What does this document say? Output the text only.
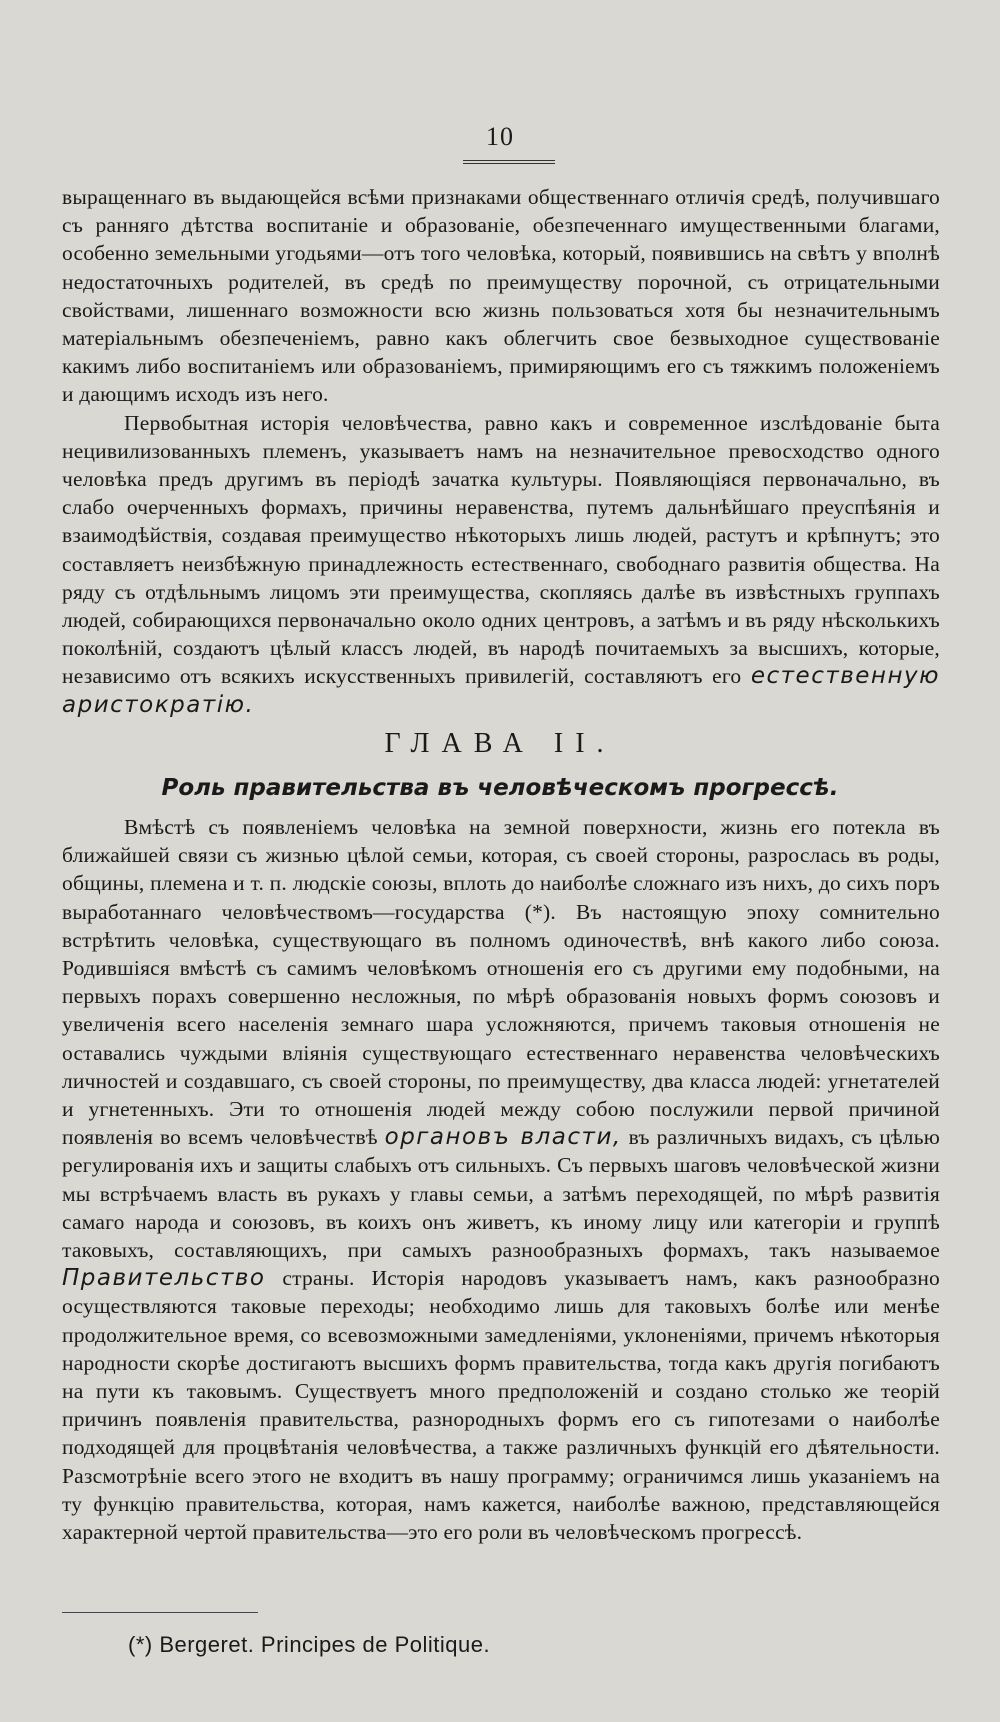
10

выращеннаго въ выдающейся всѣми признаками общественнаго отличія средѣ, получившаго съ ранняго дѣтства воспитаніе и образованіе, обезпеченнаго имущественными благами, особенно земельными угодьями—отъ того человѣка, который, появившись на свѣтъ у вполнѣ недостаточныхъ родителей, въ средѣ по преимуществу порочной, съ отрицательными свойствами, лишеннаго возможности всю жизнь пользоваться хотя бы незначительнымъ матеріальнымъ обезпеченіемъ, равно какъ облегчить свое безвыходное существованіе какимъ либо воспитаніемъ или образованіемъ, примиряющимъ его съ тяжкимъ положеніемъ и дающимъ исходъ изъ него.

Первобытная исторія человѣчества, равно какъ и современное изслѣдованіе быта нецивилизованныхъ племенъ, указываетъ намъ на незначительное превосходство одного человѣка предъ другимъ въ періодѣ зачатка культуры. Появляющіяся первоначально, въ слабо очерченныхъ формахъ, причины неравенства, путемъ дальнѣйшаго преуспѣянія и взаимодѣйствія, создавая преимущество нѣкоторыхъ лишь людей, растутъ и крѣпнутъ; это составляетъ неизбѣжную принадлежность естественнаго, свободнаго развитія общества. На ряду съ отдѣльнымъ лицомъ эти преимущества, скопляясь далѣе въ извѣстныхъ группахъ людей, собирающихся первоначально около одних центровъ, а затѣмъ и въ ряду нѣсколькихъ поколѣній, создаютъ цѣлый классъ людей, въ народѣ почитаемыхъ за высшихъ, которые, независимо отъ всякихъ искусственныхъ привилегій, составляютъ его естественную аристократію.

ГЛАВА II.
Роль правительства въ человѣческомъ прогрессѣ.

Вмѣстѣ съ появленіемъ человѣка на земной поверхности, жизнь его потекла въ ближайшей связи съ жизнью цѣлой семьи, которая, съ своей стороны, разрослась въ роды, общины, племена и т. п. людскіе союзы, вплоть до наиболѣе сложнаго изъ нихъ, до сихъ поръ выработаннаго человѣчествомъ—государства (*). Въ настоящую эпоху сомнительно встрѣтить человѣка, существующаго въ полномъ одиночествѣ, внѣ какого либо союза. Родившіяся вмѣстѣ съ самимъ человѣкомъ отношенія его съ другими ему подобными, на первыхъ порахъ совершенно несложныя, по мѣрѣ образованія новыхъ формъ союзовъ и увеличенія всего населенія земнаго шара усложняются, причемъ таковыя отношенія не оставались чуждыми вліянія существующаго естественнаго неравенства человѣческихъ личностей и создавшаго, съ своей стороны, по преимуществу, два класса людей: угнетателей и угнетенныхъ. Эти то отношенія людей между собою послужили первой причиной появленія во всемъ человѣчествѣ органовъ власти, въ различныхъ видахъ, съ цѣлью регулированія ихъ и защиты слабыхъ отъ сильныхъ. Съ первыхъ шаговъ человѣческой жизни мы встрѣчаемъ власть въ рукахъ у главы семьи, а затѣмъ переходящей, по мѣрѣ развитія самаго народа и союзовъ, въ коихъ онъ живетъ, къ иному лицу или категоріи и группѣ таковыхъ, составляющихъ, при самыхъ разнообразныхъ формахъ, такъ называемое Правительство страны. Исторія народовъ указываетъ намъ, какъ разнообразно осуществляются таковые переходы; необходимо лишь для таковыхъ болѣе или менѣе продолжительное время, со всевозможными замедленіями, уклоненіями, причемъ нѣкоторыя народности скорѣе достигаютъ высшихъ формъ правительства, тогда какъ другія погибаютъ на пути къ таковымъ. Существуетъ много предположеній и создано столько же теорій причинъ появленія правительства, разнородныхъ формъ его съ гипотезами о наиболѣе подходящей для процвѣтанія человѣчества, а также различныхъ функцій его дѣятельности. Разсмотрѣніе всего этого не входитъ въ нашу программу; ограничимся лишь указаніемъ на ту функцію правительства, которая, намъ кажется, наиболѣе важною, представляющейся характерной чертой правительства—это его роли въ человѣческомъ прогрессѣ.

(*) Bergeret. Principes de Politique.
